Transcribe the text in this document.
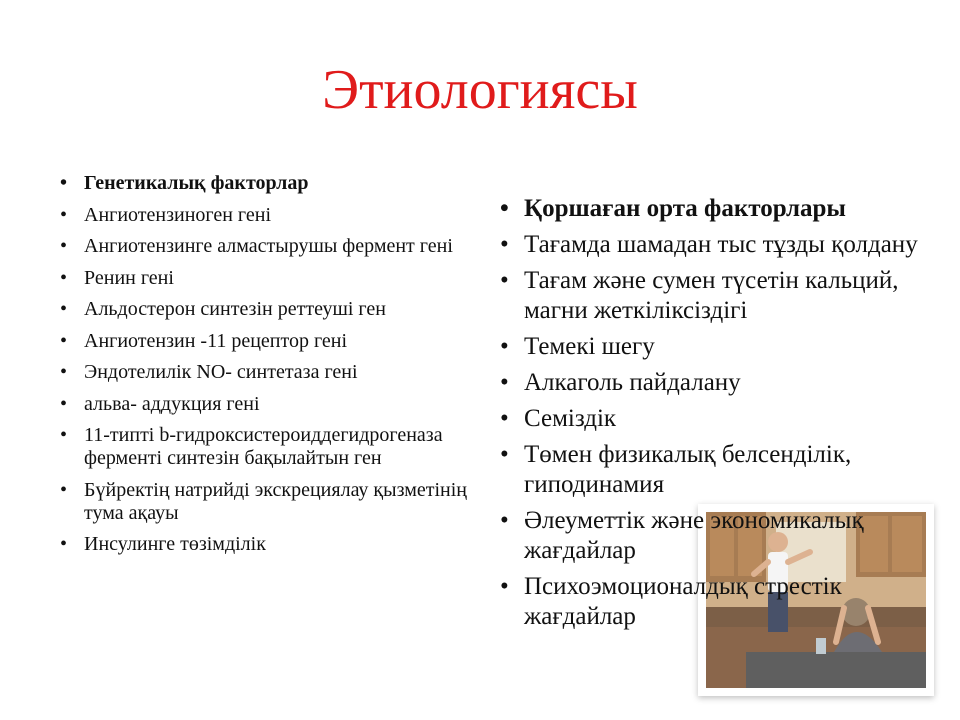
Этиологиясы
• Генетикалық факторлар
• Ангиотензиноген гені
• Ангиотензинге алмастырушы фермент гені
• Ренин гені
• Альдостерон синтезін реттеуші ген
• Ангиотензин -11 рецептор гені
• Эндотелилік NO- синтетаза гені
• альва- аддукция гені
• 11-типті b-гидроксистероиддегидрогеназа ферменті синтезін бақылайтын ген
• Бүйректің натрийді экскрециялау қызметінің тума ақауы
• Инсулинге төзімділік
• Қоршаған орта факторлары
• Тағамда шамадан тыс тұзды қолдану
• Тағам және сумен түсетін кальций, магни жеткіліксіздігі
• Темекі шегу
• Алкаголь пайдалану
• Семіздік
• Төмен физикалық белсенділік, гиподинамия
• Әлеуметтік және экономикалық жағдайлар
• Психоэмоционалдық стрестік жағдайлар
